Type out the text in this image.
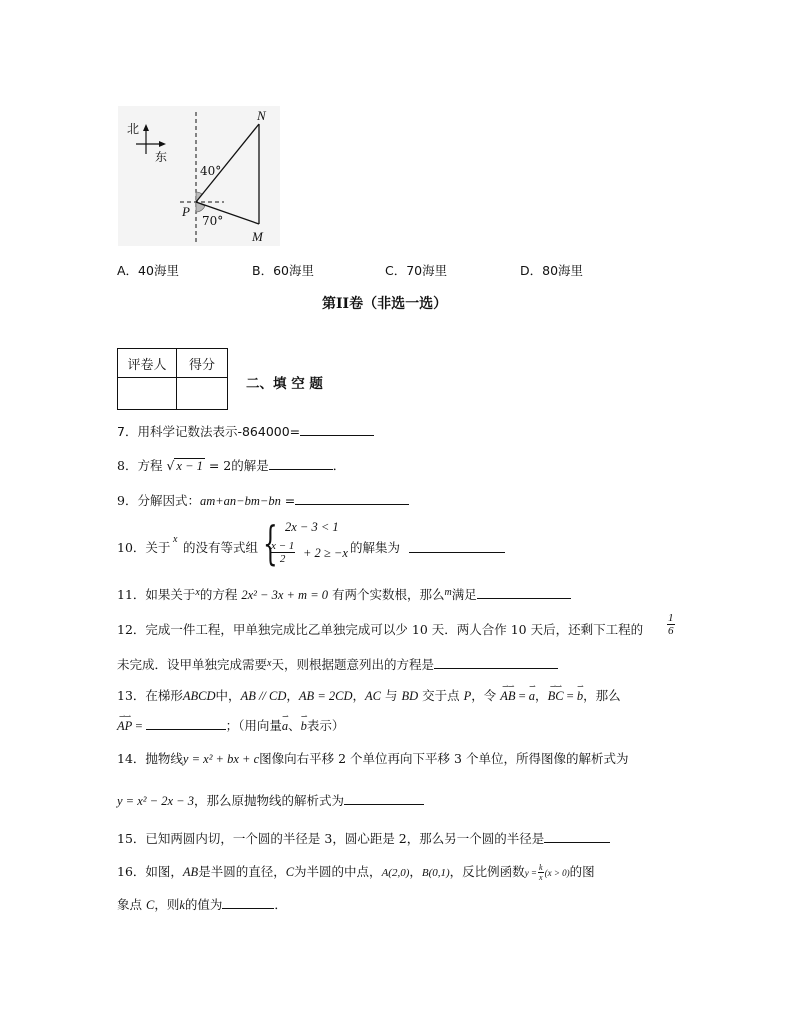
北
东
N
P
M
40°
70°
A．40海里	B．60海里	C．70海里	D．80海里
第II卷（非选一选）
评卷人	得分

二、填 空 题
7．用科学记数法表示-864000=
8．方程 √ x − 1 = 2的解是	．
9．分解因式：am+an−bm−bn =
10．关于
x
的没有等式组 { 2x − 3 < 1
$\frac{x - 1}{2} + 2 \ge -x$ 的解集为
11．如果关于$^x$的方程 2x² − 3x + m = 0 有两个实数根，那么$^m$满足
12．完成一件工程，甲单独完成比乙单独完成可以少 10 天．两人合作 10 天后，还剩下工程的 $\frac{1}{6}$
未完成．设甲单独完成需要$^x$天，则根据题意列出的方程是
13．在梯形ABCD中，AB // CD，AB = 2CD，AC 与 BD 交于点 P，令
⇀⇀
AB =
⇀
a，
⇀⇀
BC =
⇀
b，那么
⇀⇀
AP =	；（用向量
⇀
a、
⇀
b表示）
14．抛物线y = x² + bx + c图像向右平移 2 个单位再向下平移 3 个单位，所得图像的解析式为
y = x² − 2x − 3，那么原抛物线的解析式为
15．已知两圆内切，一个圆的半径是 3，圆心距是 2，那么另一个圆的半径是
16．如图，AB是半圆的直径，C为半圆的中点，A(2,0)，B(0,1)，反比例函数$y = \frac{k}{x} (x > 0)$的图
象点 C，则k的值为	．
